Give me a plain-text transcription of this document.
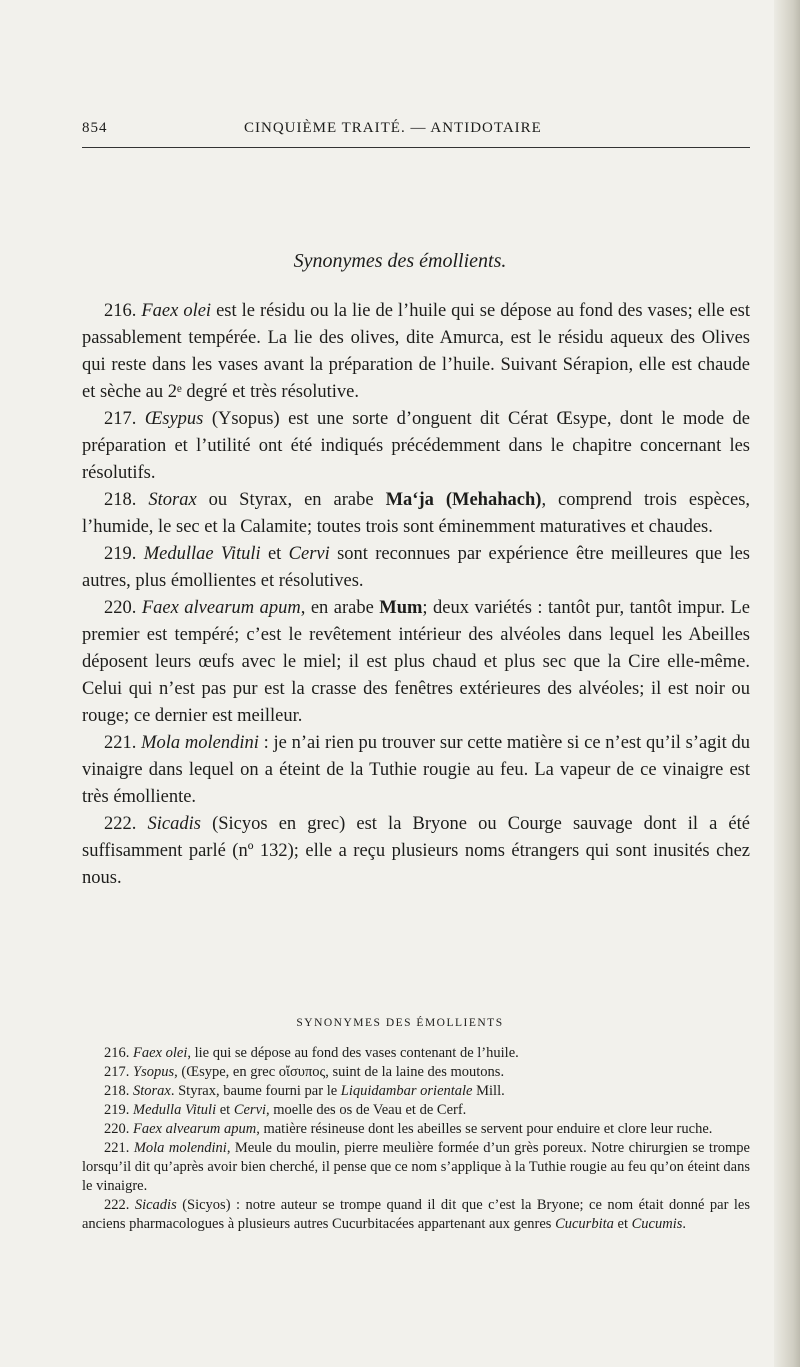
854	CINQUIÈME TRAITÉ. — ANTIDOTAIRE
Synonymes des émollients.

216. Faex olei est le résidu ou la lie de l’huile qui se dépose au fond des vases; elle est passablement tempérée. La lie des olives, dite Amurca, est le résidu aqueux des Olives qui reste dans les vases avant la préparation de l’huile. Suivant Sérapion, elle est chaude et sèche au 2ᵉ degré et très résolutive.

217. Œsypus (Ysopus) est une sorte d’onguent dit Cérat Œsype, dont le mode de préparation et l’utilité ont été indiqués précédemment dans le chapitre concernant les résolutifs.

218. Storax ou Styrax, en arabe Ma‘ja (Mehahach), comprend trois espèces, l’humide, le sec et la Calamite; toutes trois sont éminemment maturatives et chaudes.

219. Medullae Vituli et Cervi sont reconnues par expérience être meilleures que les autres, plus émollientes et résolutives.

220. Faex alvearum apum, en arabe Mum; deux variétés : tantôt pur, tantôt impur. Le premier est tempéré; c’est le revêtement intérieur des alvéoles dans lequel les Abeilles déposent leurs œufs avec le miel; il est plus chaud et plus sec que la Cire elle-même. Celui qui n’est pas pur est la crasse des fenêtres extérieures des alvéoles; il est noir ou rouge; ce dernier est meilleur.

221. Mola molendini : je n’ai rien pu trouver sur cette matière si ce n’est qu’il s’agit du vinaigre dans lequel on a éteint de la Tuthie rougie au feu. La vapeur de ce vinaigre est très émolliente.

222. Sicadis (Sicyos en grec) est la Bryone ou Courge sauvage dont il a été suffisamment parlé (nº 132); elle a reçu plusieurs noms étrangers qui sont inusités chez nous.

SYNONYMES DES ÉMOLLIENTS

216. Faex olei, lie qui se dépose au fond des vases contenant de l’huile.

217. Ysopus, (Œsype, en grec οἴσυπος, suint de la laine des moutons.

218. Storax. Styrax, baume fourni par le Liquidambar orientale Mill.

219. Medulla Vituli et Cervi, moelle des os de Veau et de Cerf.

220. Faex alvearum apum, matière résineuse dont les abeilles se servent pour enduire et clore leur ruche.

221. Mola molendini, Meule du moulin, pierre meulière formée d’un grès poreux. Notre chirurgien se trompe lorsqu’il dit qu’après avoir bien cherché, il pense que ce nom s’applique à la Tuthie rougie au feu qu’on éteint dans le vinaigre.

222. Sicadis (Sicyos) : notre auteur se trompe quand il dit que c’est la Bryone; ce nom était donné par les anciens pharmacologues à plusieurs autres Cucurbitacées appartenant aux genres Cucurbita et Cucumis.
